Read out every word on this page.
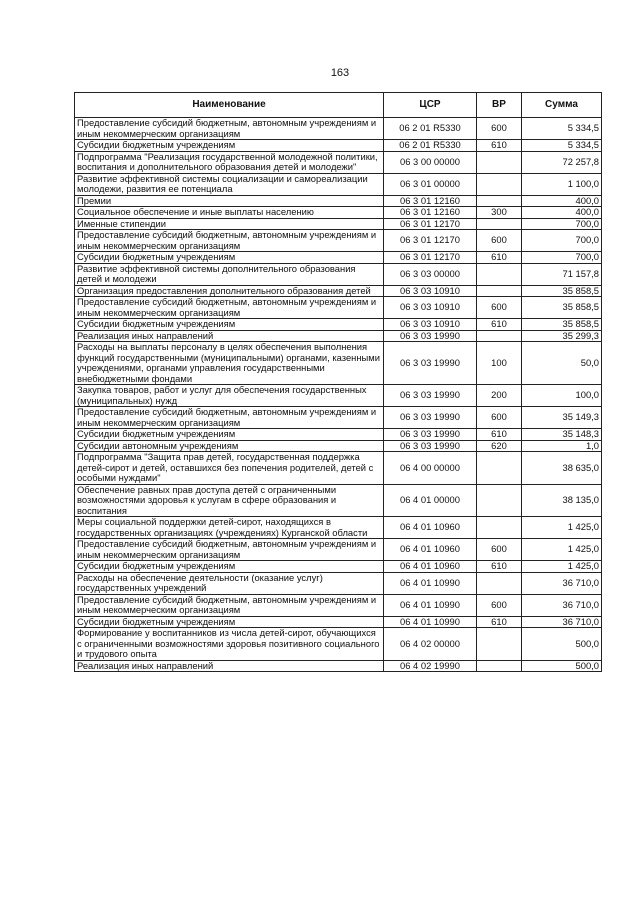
163
Наименование	ЦСР	ВР	Сумма
Предоставление субсидий бюджетным, автономным учреждениям и иным некоммерческим организациям	06 2 01 R5330	600	5 334,5
Субсидии бюджетным учреждениям	06 2 01 R5330	610	5 334,5
Подпрограмма "Реализация государственной молодежной политики, воспитания и дополнительного образования детей и молодежи"	06 3 00 00000		72 257,8
Развитие эффективной системы социализации и самореализации молодежи, развития ее потенциала	06 3 01 00000		1 100,0
Премии	06 3 01 12160		400,0
Социальное обеспечение и иные выплаты населению	06 3 01 12160	300	400,0
Именные стипендии	06 3 01 12170		700,0
Предоставление субсидий бюджетным, автономным учреждениям и иным некоммерческим организациям	06 3 01 12170	600	700,0
Субсидии бюджетным учреждениям	06 3 01 12170	610	700,0
Развитие эффективной системы дополнительного образования детей и молодежи	06 3 03 00000		71 157,8
Организация предоставления дополнительного образования детей	06 3 03 10910		35 858,5
Предоставление субсидий бюджетным, автономным учреждениям и иным некоммерческим организациям	06 3 03 10910	600	35 858,5
Субсидии бюджетным учреждениям	06 3 03 10910	610	35 858,5
Реализация иных направлений	06 3 03 19990		35 299,3
Расходы на выплаты персоналу в целях обеспечения выполнения функций государственными (муниципальными) органами, казенными учреждениями, органами управления государственными внебюджетными фондами	06 3 03 19990	100	50,0
Закупка товаров, работ и услуг для обеспечения государственных (муниципальных) нужд	06 3 03 19990	200	100,0
Предоставление субсидий бюджетным, автономным учреждениям и иным некоммерческим организациям	06 3 03 19990	600	35 149,3
Субсидии бюджетным учреждениям	06 3 03 19990	610	35 148,3
Субсидии автономным учреждениям	06 3 03 19990	620	1,0
Подпрограмма "Защита прав детей, государственная поддержка детей-сирот и детей, оставшихся без попечения родителей, детей с особыми нуждами"	06 4 00 00000		38 635,0
Обеспечение равных прав доступа детей с ограниченными возможностями здоровья к услугам в сфере образования и воспитания	06 4 01 00000		38 135,0
Меры социальной поддержки детей-сирот, находящихся в государственных организациях (учреждениях) Курганской области	06 4 01 10960		1 425,0
Предоставление субсидий бюджетным, автономным учреждениям и иным некоммерческим организациям	06 4 01 10960	600	1 425,0
Субсидии бюджетным учреждениям	06 4 01 10960	610	1 425,0
Расходы на обеспечение деятельности (оказание услуг) государственных учреждений	06 4 01 10990		36 710,0
Предоставление субсидий бюджетным, автономным учреждениям и иным некоммерческим организациям	06 4 01 10990	600	36 710,0
Субсидии бюджетным учреждениям	06 4 01 10990	610	36 710,0
Формирование у воспитанников из числа детей-сирот, обучающихся с ограниченными возможностями здоровья позитивного социального и трудового опыта	06 4 02 00000		500,0
Реализация иных направлений	06 4 02 19990		500,0
